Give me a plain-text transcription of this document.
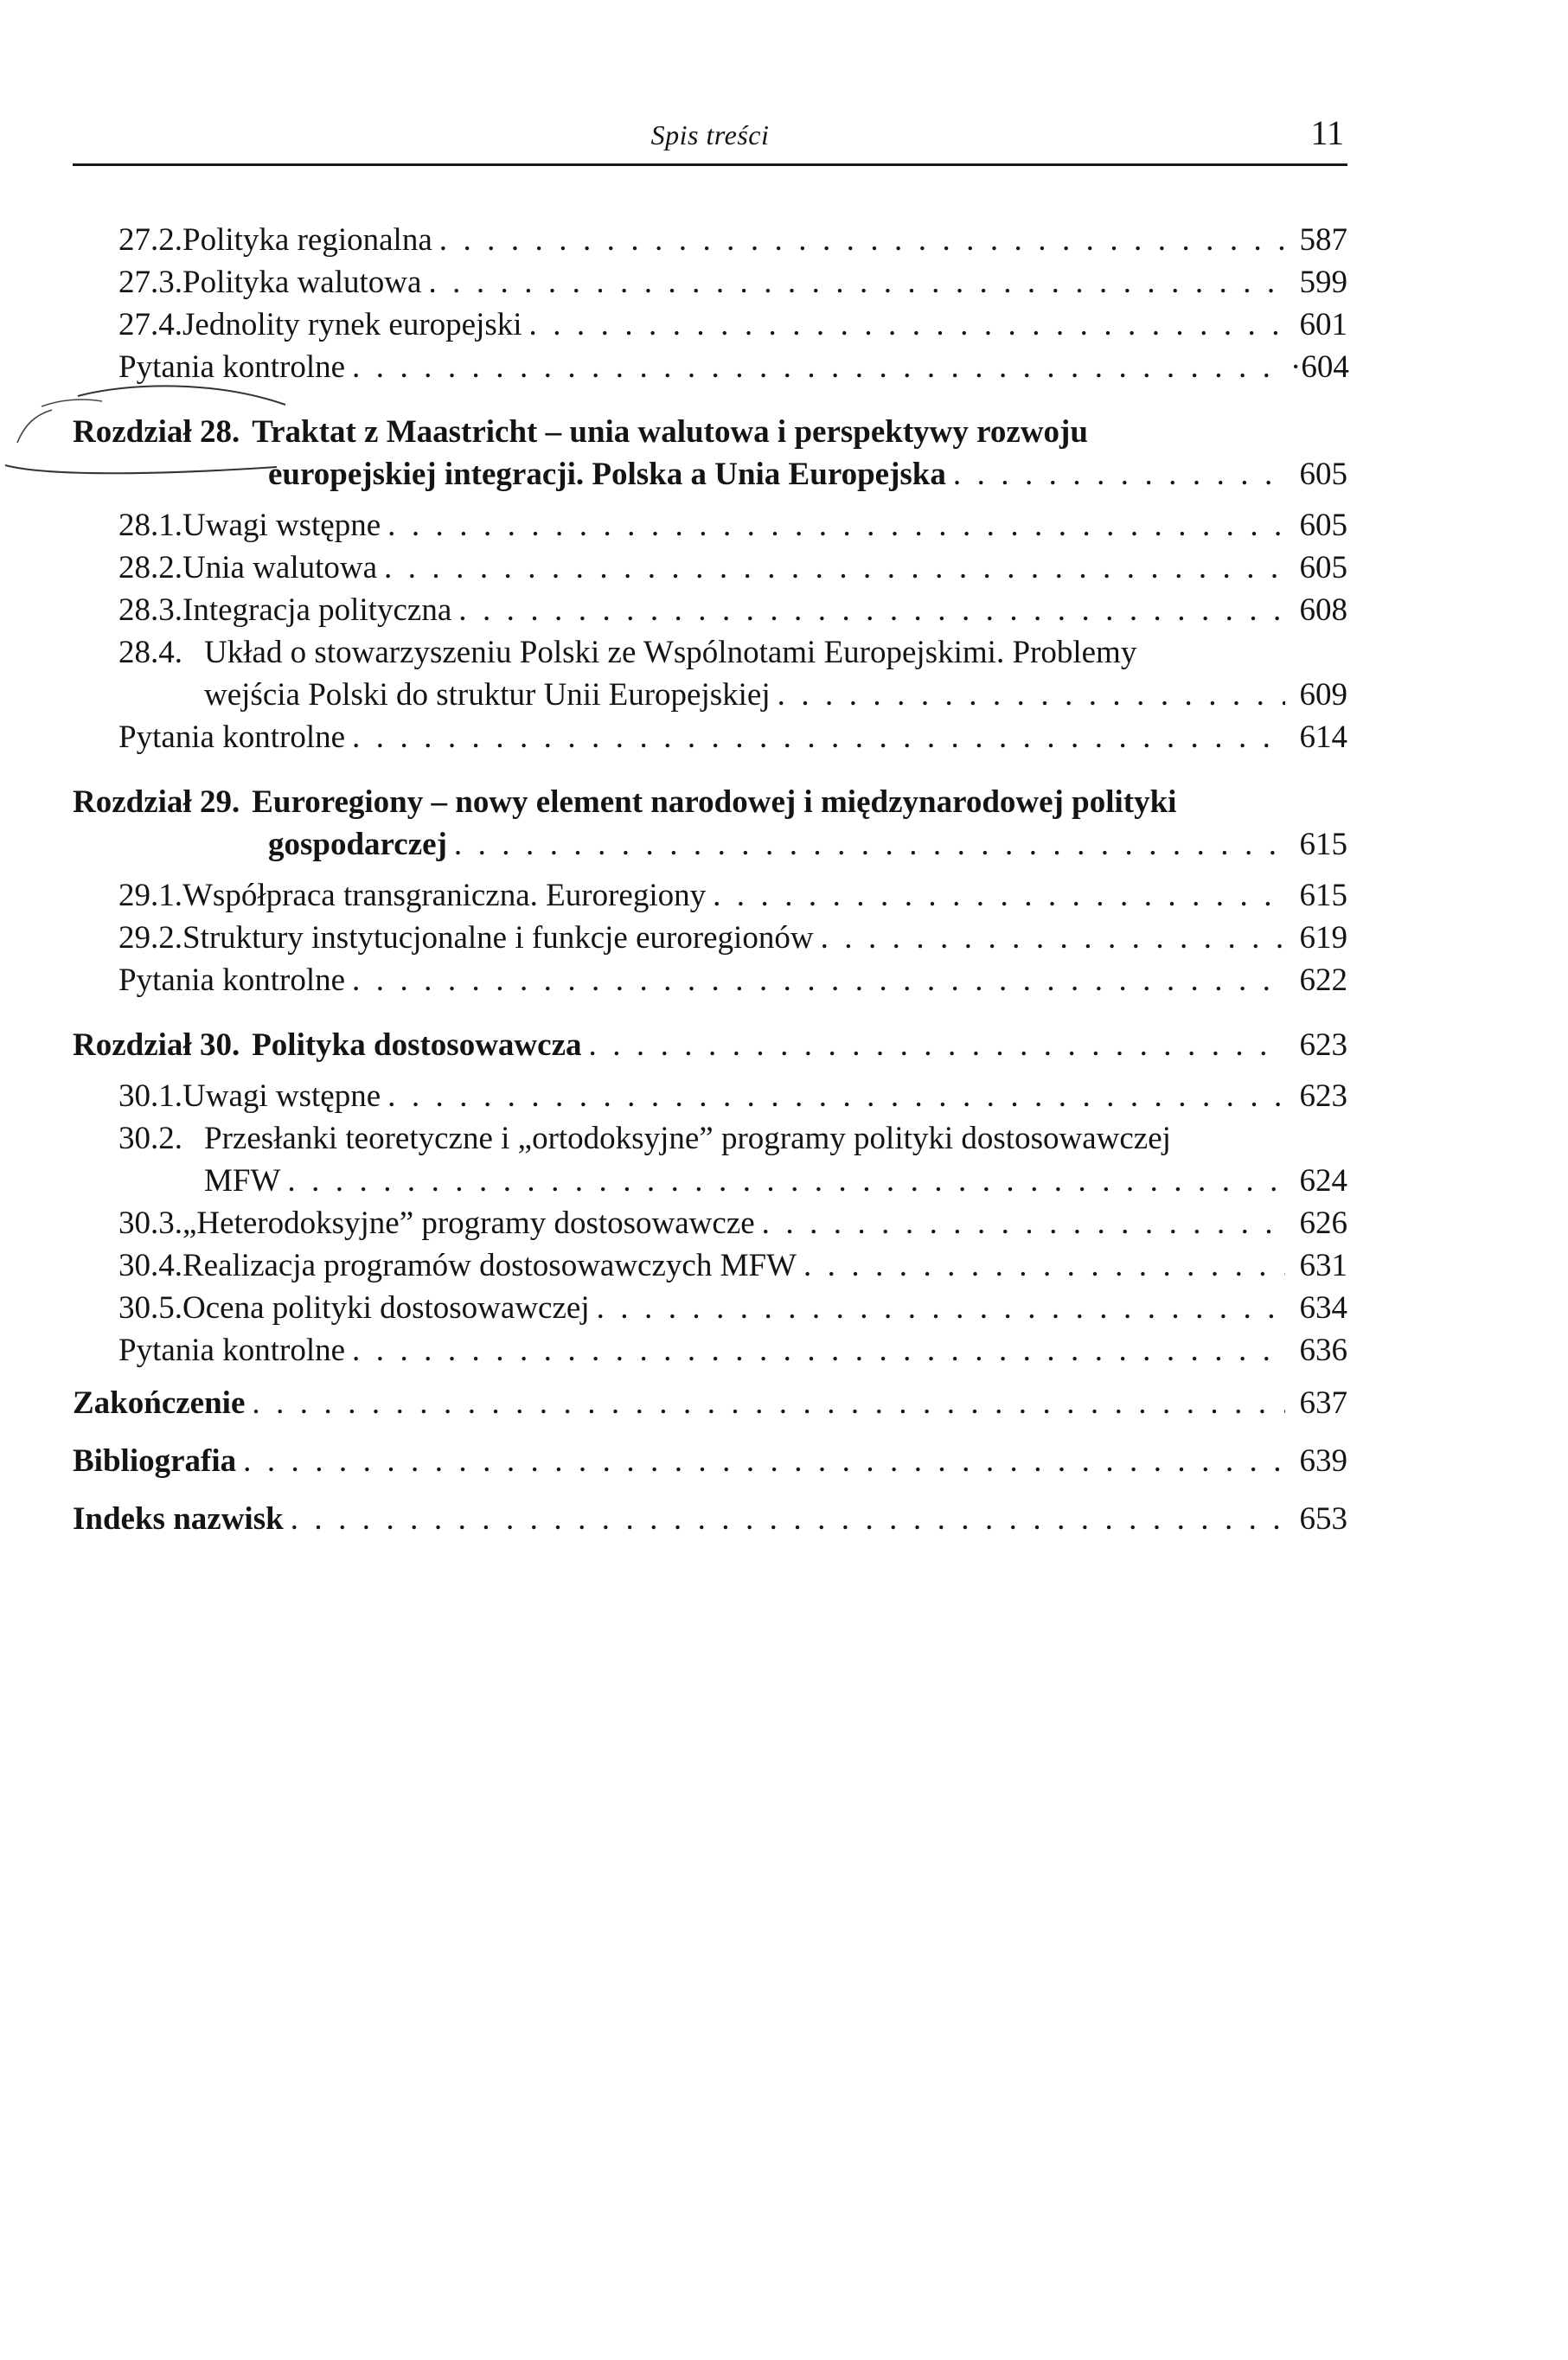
Spis treści	11
27.2. Polityka regionalna . . .	587
27.3. Polityka walutowa . . .	599
27.4. Jednolity rynek europejski . . .	601
Pytania kontrolne . . .	·604
Rozdział 28. Traktat z Maastricht – unia walutowa i perspektywy rozwoju
europejskiej integracji. Polska a Unia Europejska . . .	605
28.1. Uwagi wstępne . . .	605
28.2. Unia walutowa . . .	605
28.3. Integracja polityczna . . .	608
28.4. Układ o stowarzyszeniu Polski ze Wspólnotami Europejskimi. Problemy
wejścia Polski do struktur Unii Europejskiej . . .	609
Pytania kontrolne . . .	614
Rozdział 29. Euroregiony – nowy element narodowej i międzynarodowej polityki
gospodarczej . . .	615
29.1. Współpraca transgraniczna. Euroregiony . . .	615
29.2. Struktury instytucjonalne i funkcje euroregionów . . .	619
Pytania kontrolne . . .	622
Rozdział 30. Polityka dostosowawcza . . .	623
30.1. Uwagi wstępne . . .	623
30.2. Przesłanki teoretyczne i „ortodoksyjne” programy polityki dostosowawczej
MFW . . .	624
30.3. „Heterodoksyjne” programy dostosowawcze . . .	626
30.4. Realizacja programów dostosowawczych MFW . . .	631
30.5. Ocena polityki dostosowawczej . . .	634
Pytania kontrolne . . .	636
Zakończenie . . .	637
Bibliografia . . .	639
Indeks nazwisk . . .	653
